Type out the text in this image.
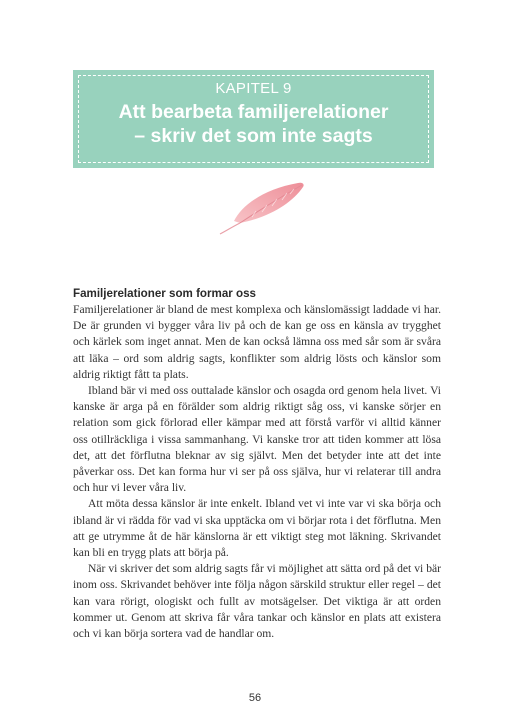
KAPITEL 9
Att bearbeta familjerelationer
– skriv det som inte sagts
Familjerelationer som formar oss

Familjerelationer är bland de mest komplexa och känslomässigt laddade vi har. De är grunden vi bygger våra liv på och de kan ge oss en känsla av trygghet och kärlek som inget annat. Men de kan också lämna oss med sår som är svåra att läka – ord som aldrig sagts, konflikter som aldrig lösts och känslor som aldrig riktigt fått ta plats.

Ibland bär vi med oss outtalade känslor och osagda ord genom hela livet. Vi kanske är arga på en förälder som aldrig riktigt såg oss, vi kanske sörjer en relation som gick förlorad eller kämpar med att förstå varför vi alltid känner oss otillräckliga i vissa sammanhang. Vi kanske tror att tiden kommer att lösa det, att det förflutna bleknar av sig självt. Men det betyder inte att det inte påverkar oss. Det kan forma hur vi ser på oss själva, hur vi relaterar till andra och hur vi lever våra liv.

Att möta dessa känslor är inte enkelt. Ibland vet vi inte var vi ska börja och ibland är vi rädda för vad vi ska upptäcka om vi börjar rota i det förflutna. Men att ge utrymme åt de här känslorna är ett viktigt steg mot läkning. Skrivandet kan bli en trygg plats att börja på.

När vi skriver det som aldrig sagts får vi möjlighet att sätta ord på det vi bär inom oss. Skrivandet behöver inte följa någon särskild struktur eller regel – det kan vara rörigt, ologiskt och fullt av motsägelser. Det viktiga är att orden kommer ut. Genom att skriva får våra tankar och känslor en plats att existera och vi kan börja sortera vad de handlar om.

56
